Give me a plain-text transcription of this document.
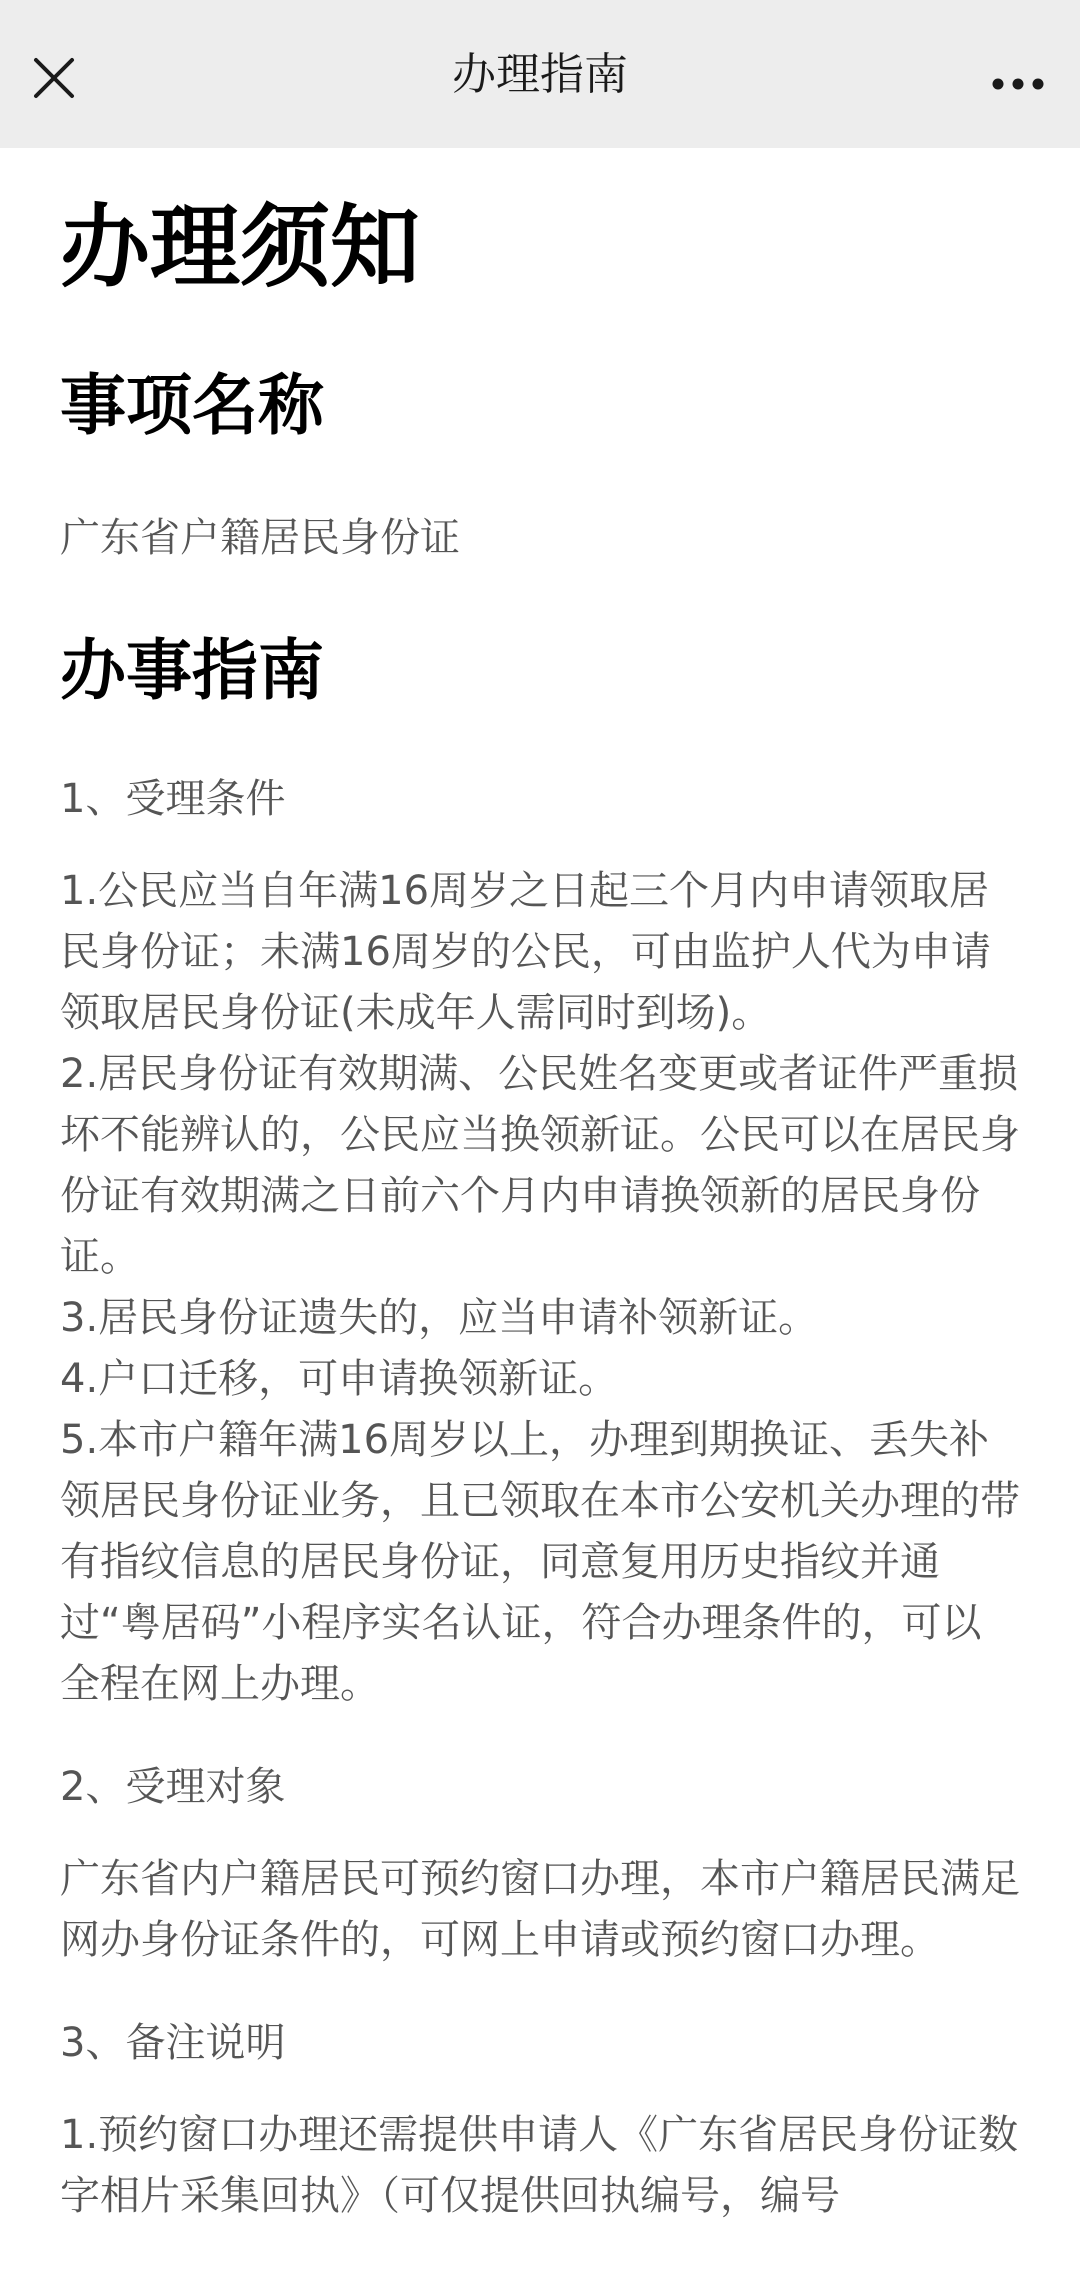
办理指南
办理须知
事项名称
广东省户籍居民身份证
办事指南
1、受理条件
1.公民应当自年满16周岁之日起三个月内申请领取居民身份证；未满16周岁的公民，可由监护人代为申请领取居民身份证(未成年人需同时到场)。
2.居民身份证有效期满、公民姓名变更或者证件严重损坏不能辨认的，公民应当换领新证。公民可以在居民身份证有效期满之日前六个月内申请换领新的居民身份证。
3.居民身份证遗失的，应当申请补领新证。
4.户口迁移，可申请换领新证。
5.本市户籍年满16周岁以上，办理到期换证、丢失补领居民身份证业务，且已领取在本市公安机关办理的带有指纹信息的居民身份证，同意复用历史指纹并通过“粤居码”小程序实名认证，符合办理条件的，可以全程在网上办理。
2、受理对象
广东省内户籍居民可预约窗口办理，本市户籍居民满足网办身份证条件的，可网上申请或预约窗口办理。
3、备注说明
1.预约窗口办理还需提供申请人《广东省居民身份证数字相片采集回执》（可仅提供回执编号，编号
